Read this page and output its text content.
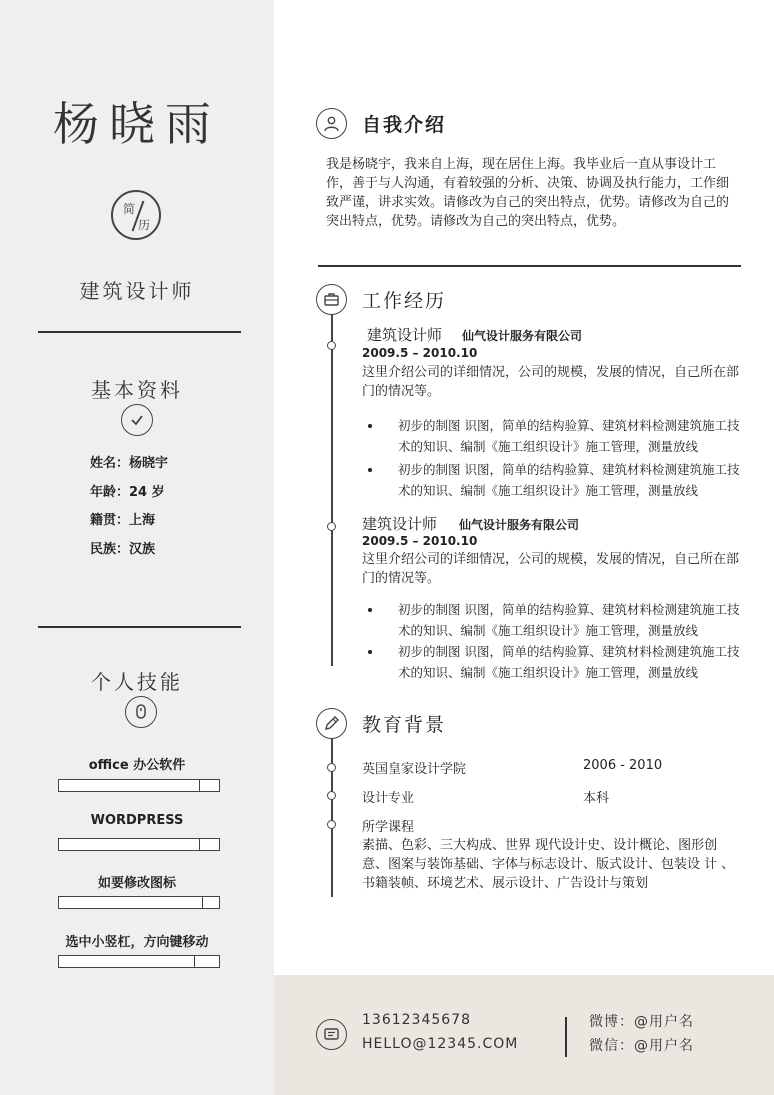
杨晓雨
简
历
建筑设计师
基本资料
姓名：杨晓宇
年龄：24 岁
籍贯：上海
民族：汉族
个人技能
office 办公软件
WORDPRESS
如要修改图标
选中小竖杠，方向键移动
自我介绍
我是杨晓宇，我来自上海，现在居住上海。我毕业后一直从事设计工作，善于与人沟通，有着较强的分析、决策、协调及执行能力，工作细致严谨，讲求实效。请修改为自己的突出特点，优势。请修改为自己的突出特点，优势。请修改为自己的突出特点，优势。
工作经历
建筑设计师 仙气设计服务有限公司
2009.5 – 2010.10
这里介绍公司的详细情况，公司的规模，发展的情况，自己所在部门的情况等。
初步的制图 识图，简单的结构验算、建筑材料检测建筑施工技术的知识、编制《施工组织设计》施工管理，测量放线
初步的制图 识图，简单的结构验算、建筑材料检测建筑施工技术的知识、编制《施工组织设计》施工管理，测量放线
建筑设计师 仙气设计服务有限公司
2009.5 – 2010.10
这里介绍公司的详细情况，公司的规模，发展的情况，自己所在部门的情况等。
初步的制图 识图，简单的结构验算、建筑材料检测建筑施工技术的知识、编制《施工组织设计》施工管理，测量放线
初步的制图 识图，简单的结构验算、建筑材料检测建筑施工技术的知识、编制《施工组织设计》施工管理，测量放线
教育背景
英国皇家设计学院	2006 - 2010
设计专业	本科
所学课程
素描、色彩、三大构成、世界 现代设计史、设计概论、图形创意、图案与装饰基础、字体与标志设计、版式设计、包装设 计 、书籍装帧、环境艺术、展示设计、广告设计与策划
13612345678
HELLO@12345.COM
微博：@用户名
微信：@用户名
